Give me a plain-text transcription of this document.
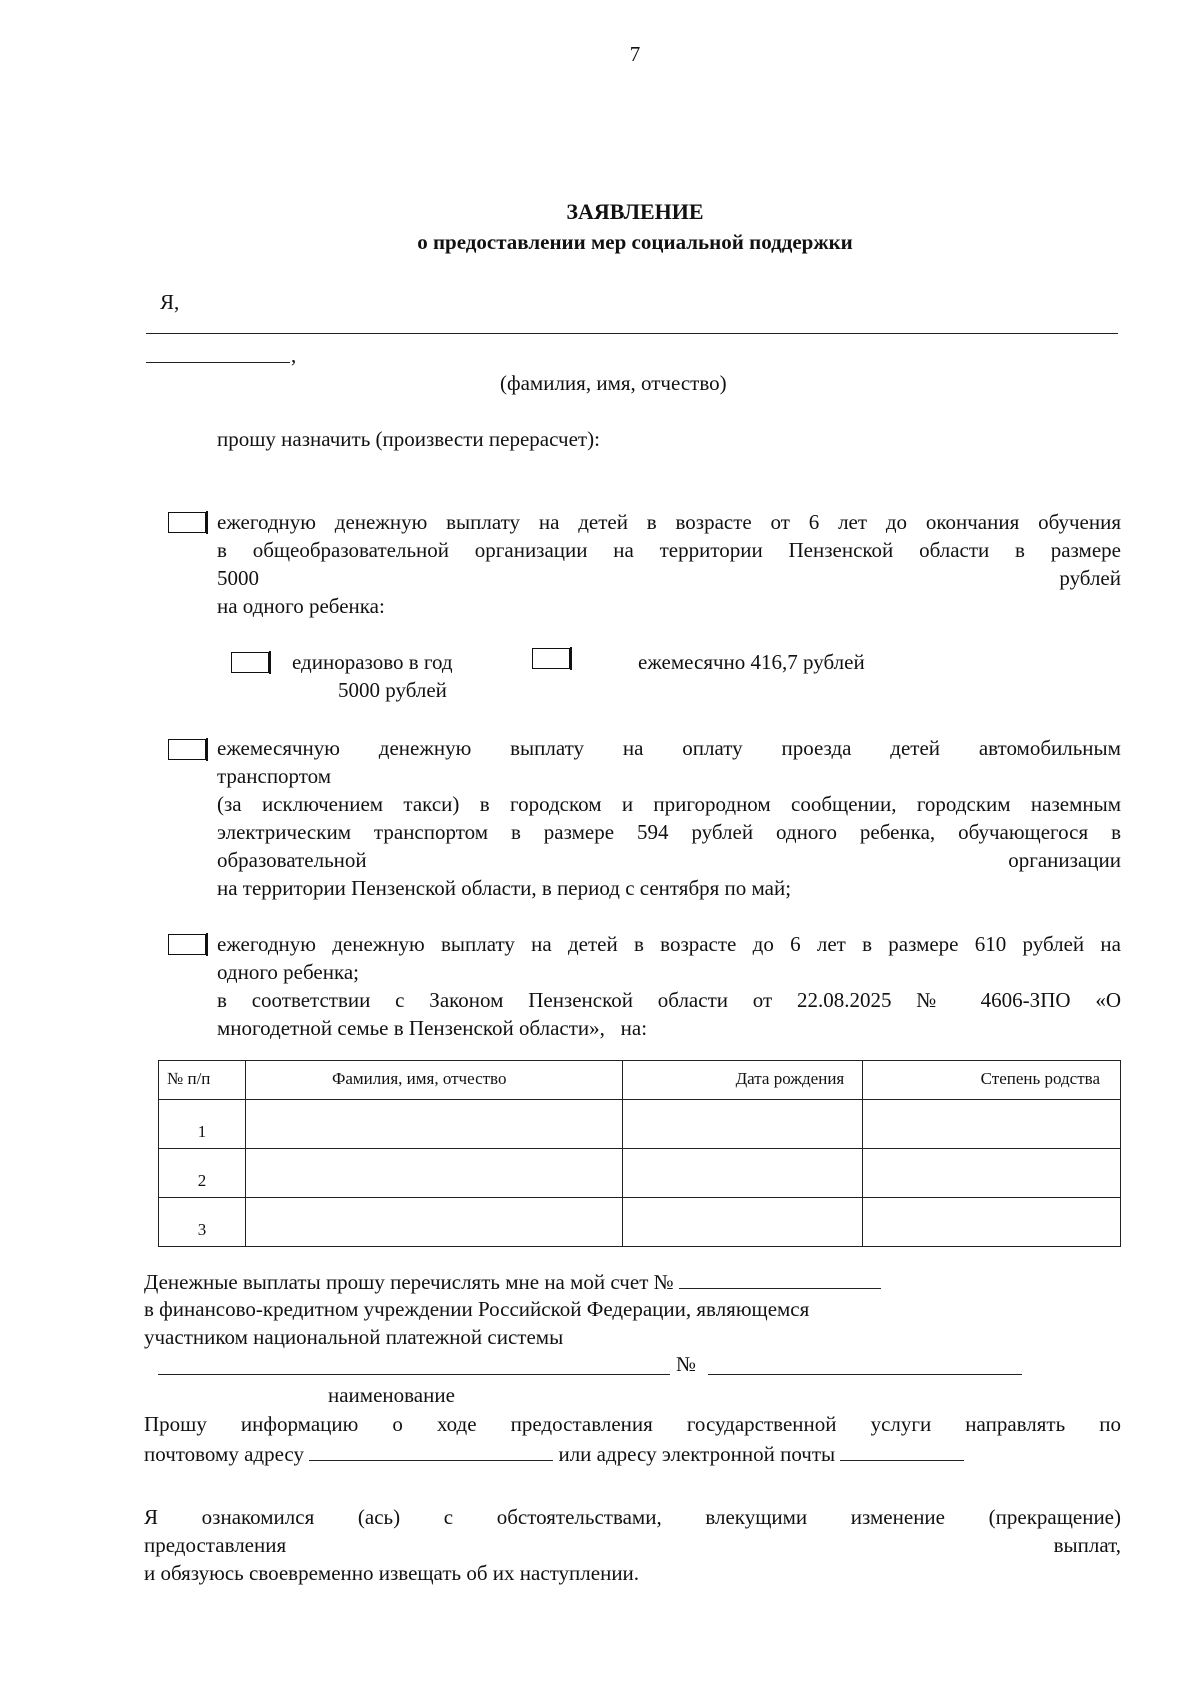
7
ЗАЯВЛЕНИЕ
о предоставлении мер социальной поддержки
Я,
,
(фамилия, имя, отчество)
прошу назначить (произвести перерасчет):
ежегодную денежную выплату на детей в возрасте от 6 лет до окончания обучения
в общеобразовательной организации на территории Пензенской области в размере
5000	рублей
на одного ребенка:
единоразово в год
5000 рублей
ежемесячно 416,7 рублей
ежемесячную денежную выплату на оплату проезда детей автомобильным
транспортом
(за исключением такси) в городском и пригородном сообщении, городским наземным
электрическим транспортом в размере 594 рублей одного ребенка, обучающегося в
образовательной	организации
на территории Пензенской области, в период с сентября по май;
ежегодную денежную выплату на детей в возрасте до 6 лет в размере 610 рублей на
одного ребенка;
в соответствии с Законом Пензенской области от 22.08.2025 № 4606-ЗПО «О
многодетной семье в Пензенской области»,   на:
№ п/п	Фамилия, имя, отчество	Дата рождения	Степень родства
1			
2			
3			
Денежные выплаты прошу перечислять мне на мой счет №
в финансово-кредитном учреждении Российской Федерации, являющемся
участником национальной платежной системы
№
наименование
Прошу информацию о ходе предоставления государственной услуги направлять по
почтовому адресу	или адресу электронной почты
Я ознакомился (ась) с обстоятельствами, влекущими изменение (прекращение)
предоставления	выплат,
и обязуюсь своевременно извещать об их наступлении.
